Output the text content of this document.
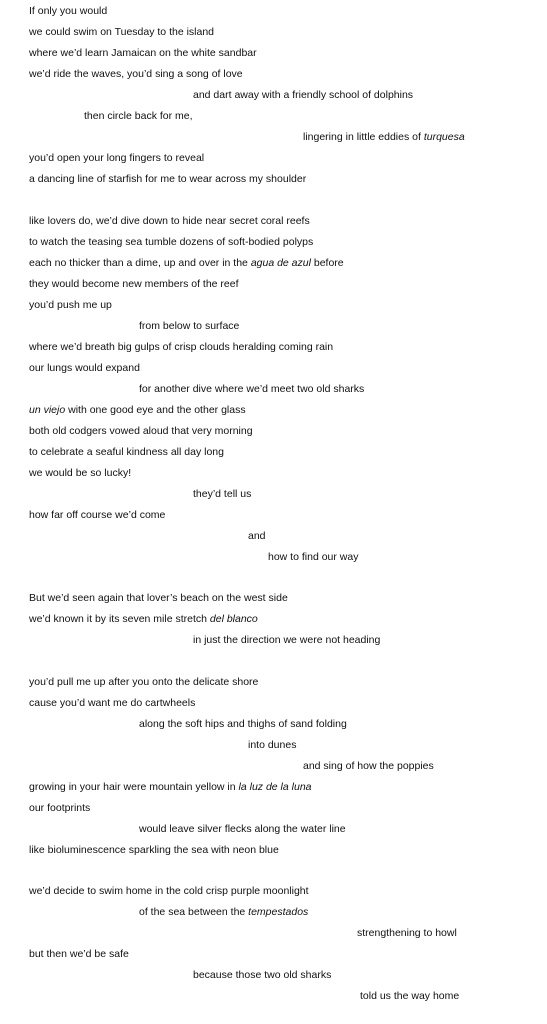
If only you would
we could swim on Tuesday to the island
where we’d learn Jamaican on the white sandbar
we’d ride the waves, you’d sing a song of love
and dart away with a friendly school of dolphins
then circle back for me,
lingering in little eddies of turquesa
you’d open your long fingers to reveal
a dancing line of starfish for me to wear across my shoulder
like lovers do, we’d dive down to hide near secret coral reefs
to watch the teasing sea tumble dozens of soft-bodied polyps
each no thicker than a dime, up and over in the agua de azul before
they would become new members of the reef
you’d push me up
from below to surface
where we’d breath big gulps of crisp clouds heralding coming rain
our lungs would expand
for another dive where we’d meet two old sharks
un viejo with one good eye and the other glass
both old codgers vowed aloud that very morning
to celebrate a seaful kindness all day long
we would be so lucky!
they’d tell us
how far off course we’d come
and
how to find our way
But we’d seen again that lover’s beach on the west side
we’d known it by its seven mile stretch del blanco
in just the direction we were not heading
you’d pull me up after you onto the delicate shore
cause you’d want me do cartwheels
along the soft hips and thighs of sand folding
into dunes
and sing of how the poppies
growing in your hair were mountain yellow in la luz de la luna
our footprints
would leave silver flecks along the water line
like bioluminescence sparkling the sea with neon blue
we’d decide to swim home in the cold crisp purple moonlight
of the sea between the tempestados
strengthening to howl
but then we’d be safe
because those two old sharks
told us the way home
